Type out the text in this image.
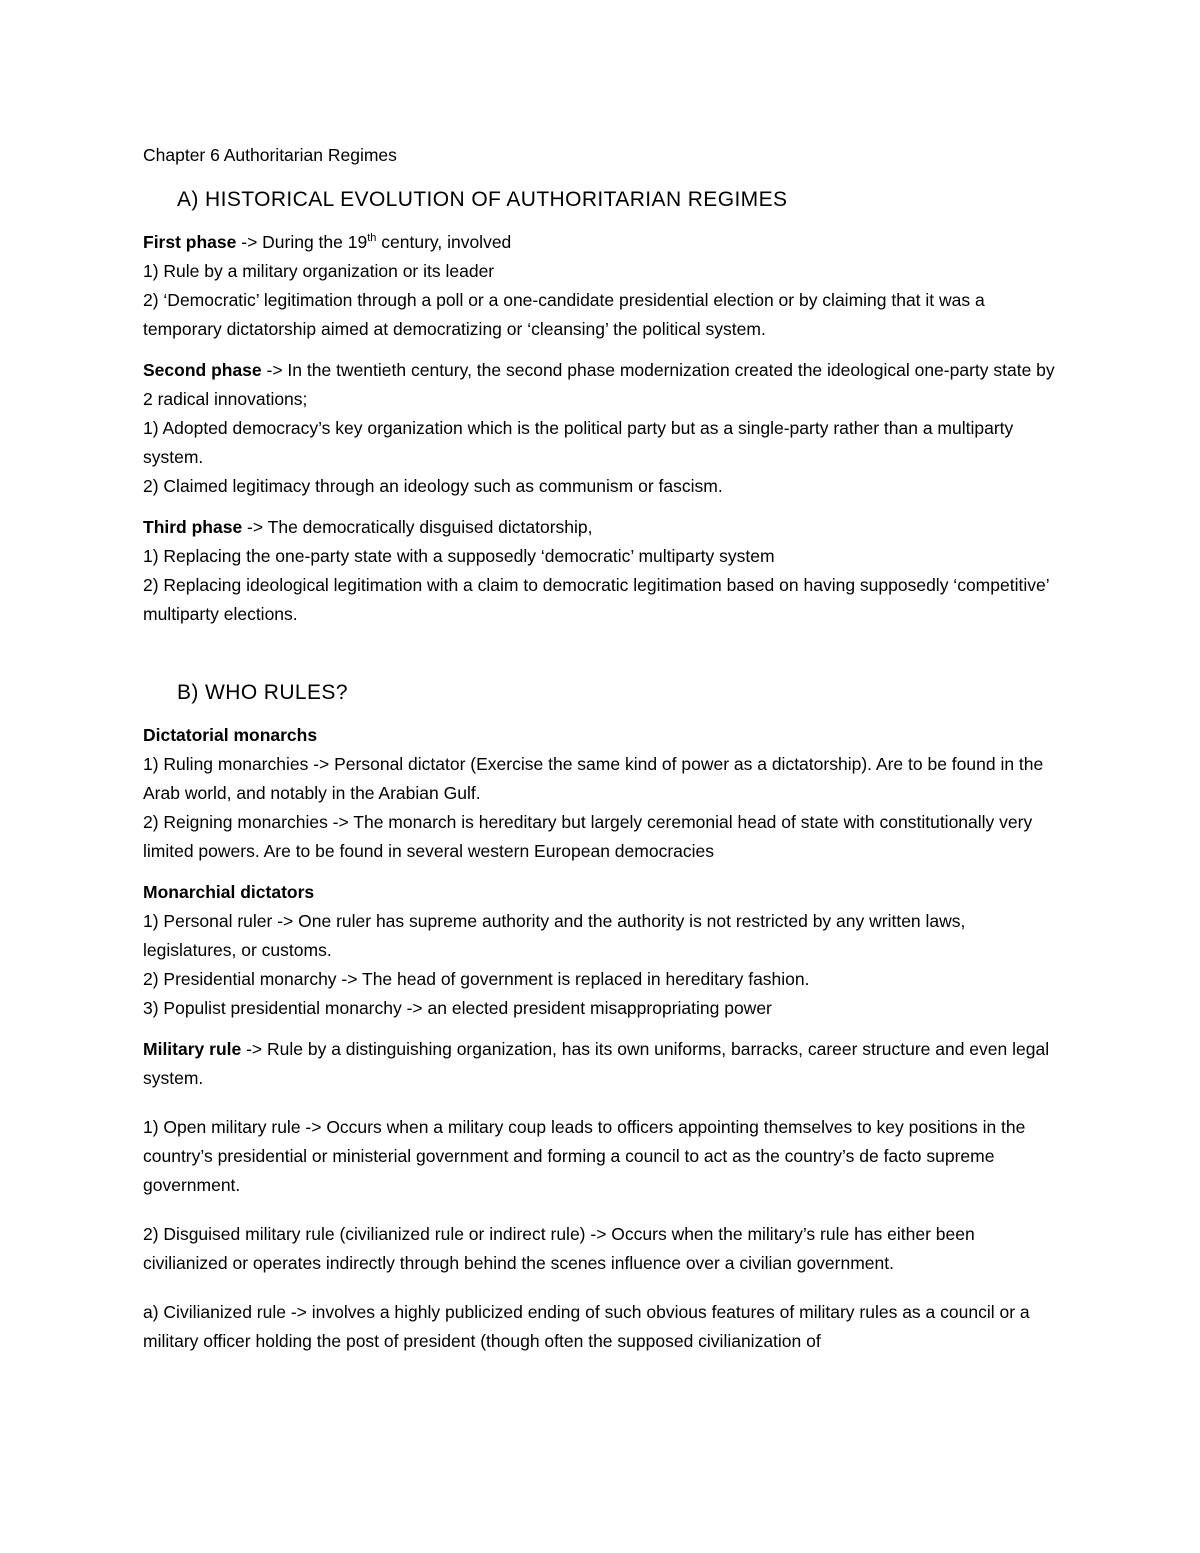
Chapter 6 Authoritarian Regimes
A) HISTORICAL EVOLUTION OF AUTHORITARIAN REGIMES
First phase -> During the 19th century, involved
1) Rule by a military organization or its leader
2) ‘Democratic’ legitimation through a poll or a one-candidate presidential election or by claiming that it was a temporary dictatorship aimed at democratizing or ‘cleansing’ the political system.
Second phase -> In the twentieth century, the second phase modernization created the ideological one-party state by 2 radical innovations;
1) Adopted democracy’s key organization which is the political party but as a single-party rather than a multiparty system.
2) Claimed legitimacy through an ideology such as communism or fascism.
Third phase -> The democratically disguised dictatorship,
1) Replacing the one-party state with a supposedly ‘democratic’ multiparty system
2) Replacing ideological legitimation with a claim to democratic legitimation based on having supposedly ‘competitive’ multiparty elections.
B) WHO RULES?
Dictatorial monarchs
1) Ruling monarchies -> Personal dictator (Exercise the same kind of power as a dictatorship). Are to be found in the Arab world, and notably in the Arabian Gulf.
2) Reigning monarchies -> The monarch is hereditary but largely ceremonial head of state with constitutionally very limited powers. Are to be found in several western European democracies
Monarchial dictators
1) Personal ruler -> One ruler has supreme authority and the authority is not restricted by any written laws, legislatures, or customs.
2) Presidential monarchy -> The head of government is replaced in hereditary fashion.
3) Populist presidential monarchy -> an elected president misappropriating power
Military rule -> Rule by a distinguishing organization, has its own uniforms, barracks, career structure and even legal system.
1) Open military rule -> Occurs when a military coup leads to officers appointing themselves to key positions in the country’s presidential or ministerial government and forming a council to act as the country’s de facto supreme government.
2) Disguised military rule (civilianized rule or indirect rule) -> Occurs when the military’s rule has either been civilianized or operates indirectly through behind the scenes influence over a civilian government.
a) Civilianized rule -> involves a highly publicized ending of such obvious features of military rules as a council or a military officer holding the post of president (though often the supposed civilianization of
